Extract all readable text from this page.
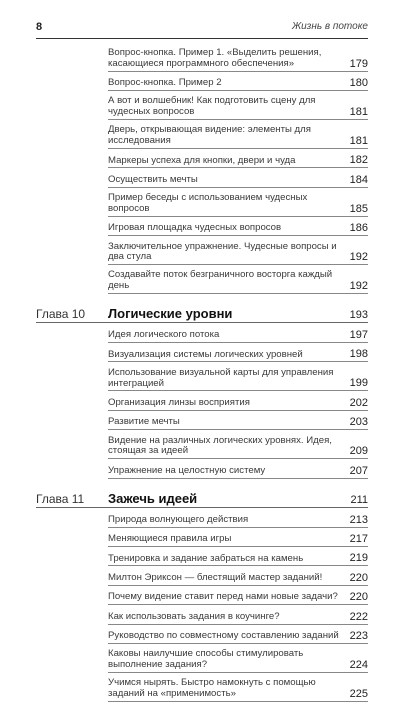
8	Жизнь в потоке
Вопрос-кнопка. Пример 1. «Выделить решения, касающиеся программного обеспечения»	179
Вопрос-кнопка. Пример 2	180
А вот и волшебник! Как подготовить сцену для чудесных вопросов	181
Дверь, открывающая видение: элементы для исследования	181
Маркеры успеха для кнопки, двери и чуда	182
Осуществить мечты	184
Пример беседы с использованием чудесных вопросов	185
Игровая площадка чудесных вопросов	186
Заключительное упражнение. Чудесные вопросы и два стула	192
Создавайте поток безграничного восторга каждый день	192
Глава 10	Логические уровни	193
Идея логического потока	197
Визуализация системы логических уровней	198
Использование визуальной карты для управления интеграцией	199
Организация линзы восприятия	202
Развитие мечты	203
Видение на различных логических уровнях. Идея, стоящая за идеей	209
Упражнение на целостную систему	207
Глава 11	Зажечь идеей	211
Природа волнующего действия	213
Меняющиеся правила игры	217
Тренировка и задание забраться на камень	219
Милтон Эриксон — блестящий мастер заданий!	220
Почему видение ставит перед нами новые задачи?	220
Как использовать задания в коучинге?	222
Руководство по совместному составлению заданий 223
Каковы наилучшие способы стимулировать выполнение задания?	224
Учимся нырять. Быстро намокнуть с помощью заданий на «применимость»	225
